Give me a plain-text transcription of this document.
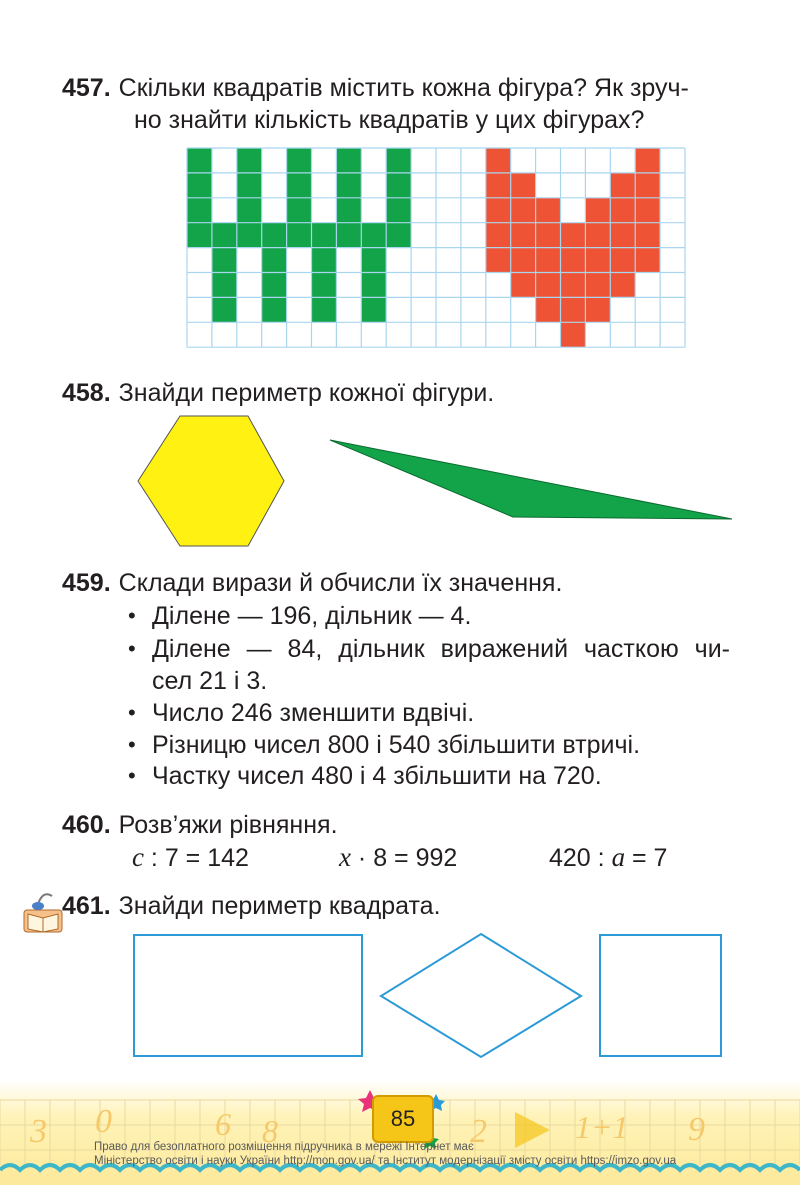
457. Скільки квадратів містить кожна фігура? Як зруч-
но знайти кількість квадратів у цих фігурах?
458. Знайди периметр кожної фігури.
459. Склади вирази й обчисли їх значення.
• Ділене — 196, дільник — 4.
• Ділене — 84, дільник виражений часткою чи-
сел 21 і 3.
• Число 246 зменшити вдвічі.
• Різницю чисел 800 і 540 збільшити втричі.
• Частку чисел 480 і 4 збільшити на 720.
460. Розв’яжи рівняння.
c : 7 = 142	x · 8 = 992	420 : a = 7
461. Знайди периметр квадрата.
3 0	6 8	2	1+1 9
85
Право для безоплатного розміщення підручника в мережі Інтернет має
Міністерство освіти і науки України http://mon.gov.ua/ та Інститут модернізації змісту освіти https://imzo.gov.ua
